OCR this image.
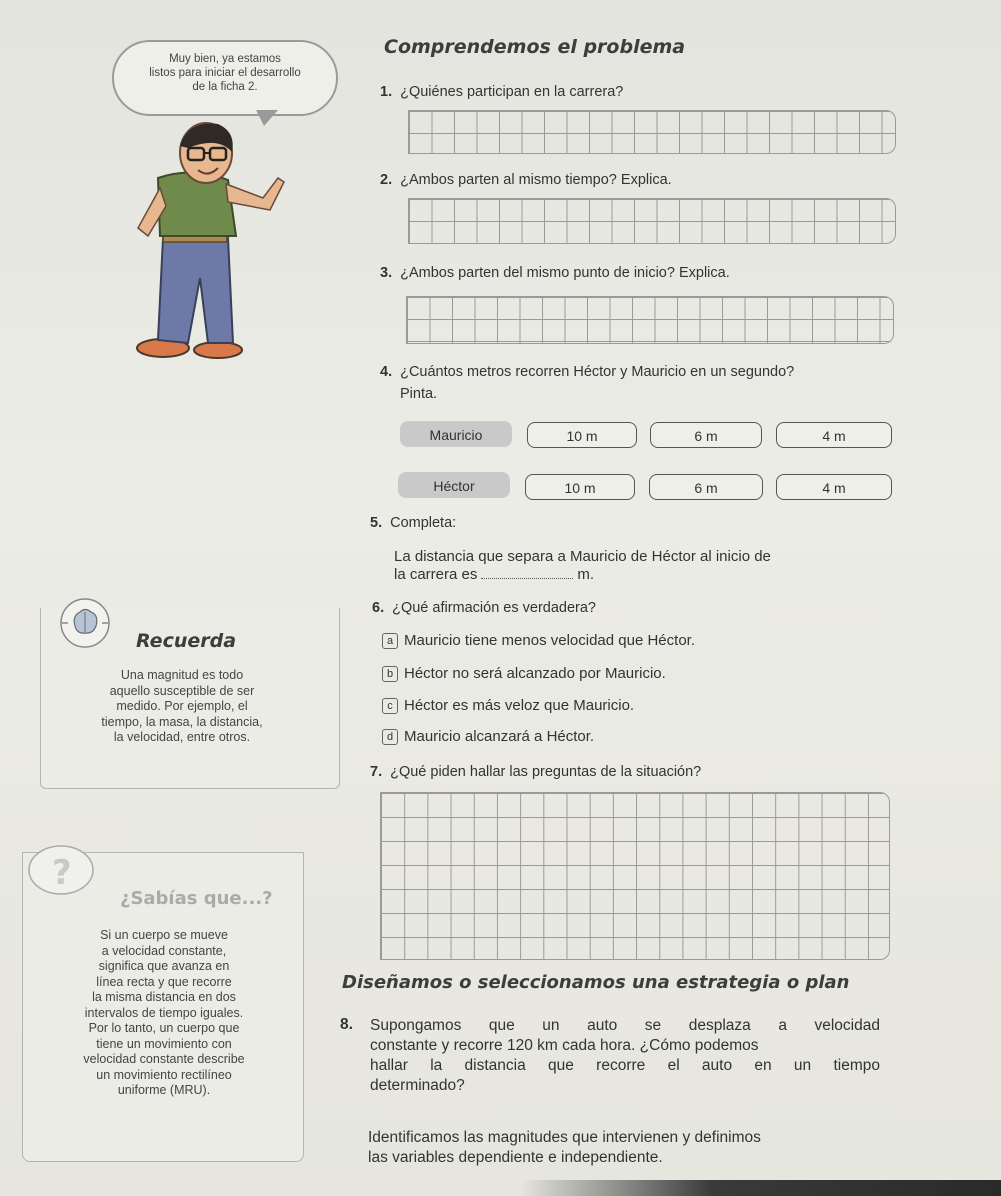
Muy bien, ya estamos
listos para iniciar el desarrollo
de la ficha 2.
Comprendemos el problema
1. ¿Quiénes participan en la carrera?
2. ¿Ambos parten al mismo tiempo? Explica.
3. ¿Ambos parten del mismo punto de inicio? Explica.
4. ¿Cuántos metros recorren Héctor y Mauricio en un segundo?
Pinta.
Mauricio	10 m	6 m	4 m
Héctor	10 m	6 m	4 m
5. Completa:
La distancia que separa a Mauricio de Héctor al inicio de
la carrera es	m.
6. ¿Qué afirmación es verdadera?
a Mauricio tiene menos velocidad que Héctor.
b Héctor no será alcanzado por Mauricio.
c Héctor es más veloz que Mauricio.
d Mauricio alcanzará a Héctor.
7. ¿Qué piden hallar las preguntas de la situación?
Recuerda
Una magnitud es todo
aquello susceptible de ser
medido. Por ejemplo, el
tiempo, la masa, la distancia,
la velocidad, entre otros.
?
¿Sabías que...?
Si un cuerpo se mueve
a velocidad constante,
significa que avanza en
línea recta y que recorre
la misma distancia en dos
intervalos de tiempo iguales.
Por lo tanto, un cuerpo que
tiene un movimiento con
velocidad constante describe
un movimiento rectilíneo
uniforme (MRU).
Diseñamos o seleccionamos una estrategia o plan
8. Supongamos que un auto se desplaza a velocidad
constante y recorre 120 km cada hora. ¿Cómo podemos
hallar la distancia que recorre el auto en un tiempo
determinado?
Identificamos las magnitudes que intervienen y definimos
las variables dependiente e independiente.
